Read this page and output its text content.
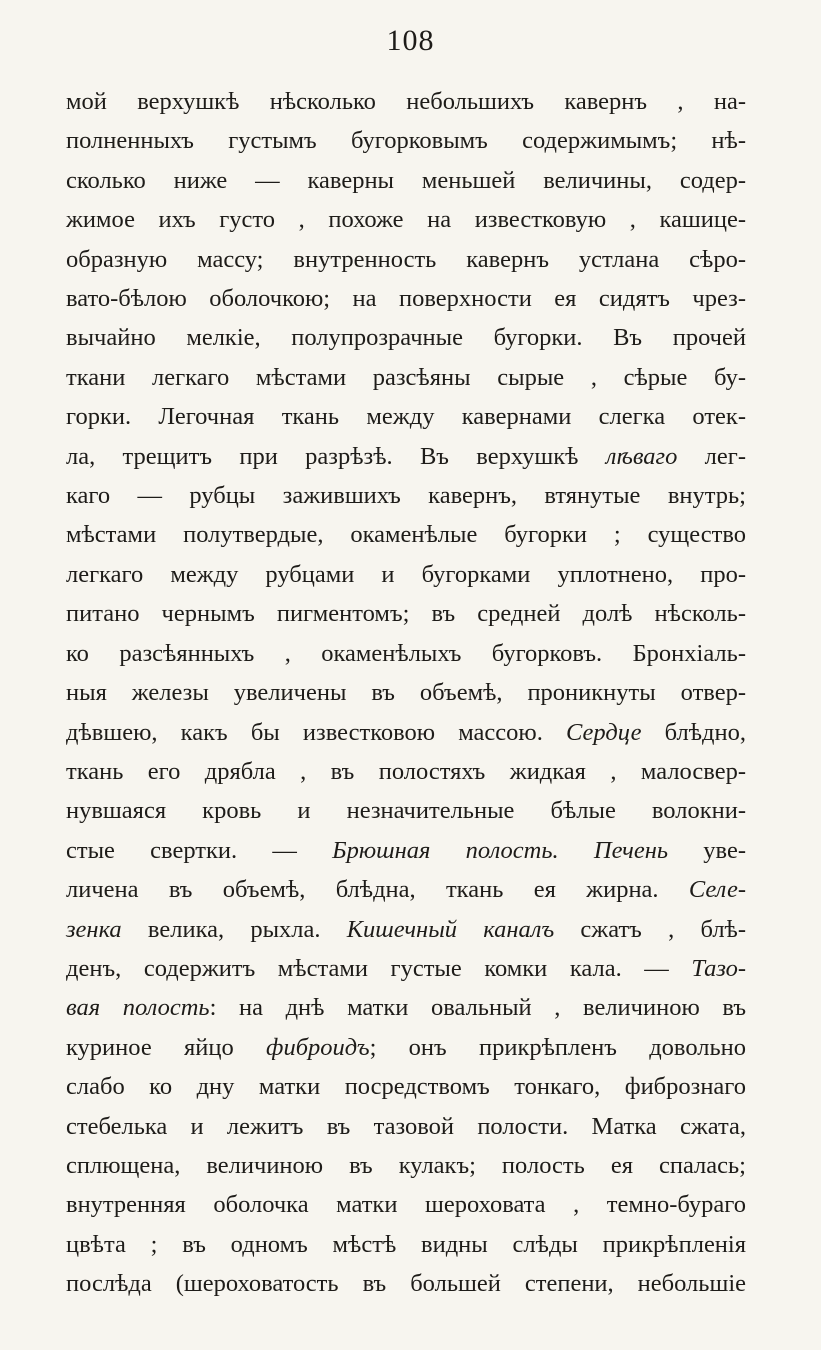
108
мой верхушкѣ нѣсколько небольшихъ кавернъ , на-
полненныхъ густымъ бугорковымъ содержимымъ; нѣ-
сколько ниже — каверны меньшей величины, содер-
жимое ихъ густо , похоже на известковую , кашице-
образную массу; внутренность кавернъ устлана сѣро-
вато-бѣлою оболочкою; на поверхности ея сидятъ чрез-
вычайно мелкіе, полупрозрачные бугорки. Въ прочей
ткани легкаго мѣстами разсѣяны сырые , сѣрые бу-
горки. Легочная ткань между кавернами слегка отек-
ла, трещитъ при разрѣзѣ. Въ верхушкѣ лѣваго лег-
каго — рубцы зажившихъ кавернъ, втянутые внутрь;
мѣстами полутвердые, окаменѣлые бугорки ; существо
легкаго между рубцами и бугорками уплотнено, про-
питано чернымъ пигментомъ; въ средней долѣ нѣсколь-
ко разсѣянныхъ , окаменѣлыхъ бугорковъ. Бронхіаль-
ныя железы увеличены въ объемѣ, проникнуты отвер-
дѣвшею, какъ бы известковою массою. Сердце блѣдно,
ткань его дрябла , въ полостяхъ жидкая , малосвер-
нувшаяся кровь и незначительные бѣлые волокни-
стые свертки. — Брюшная полость. Печень уве-
личена въ объемѣ, блѣдна, ткань ея жирна. Селе-
зенка велика, рыхла. Кишечный каналъ сжатъ , блѣ-
денъ, содержитъ мѣстами густые комки кала. — Тазо-
вая полость: на днѣ матки овальный , величиною въ
куриное яйцо фиброидъ; онъ прикрѣпленъ довольно
слабо ко дну матки посредствомъ тонкаго, фибрознаго
стебелька и лежитъ въ тазовой полости. Матка сжата,
сплющена, величиною въ кулакъ; полость ея спалась;
внутренняя оболочка матки шероховата , темно-бураго
цвѣта ; въ одномъ мѣстѣ видны слѣды прикрѣпленія
послѣда (шероховатость въ большей степени, небольшіе
